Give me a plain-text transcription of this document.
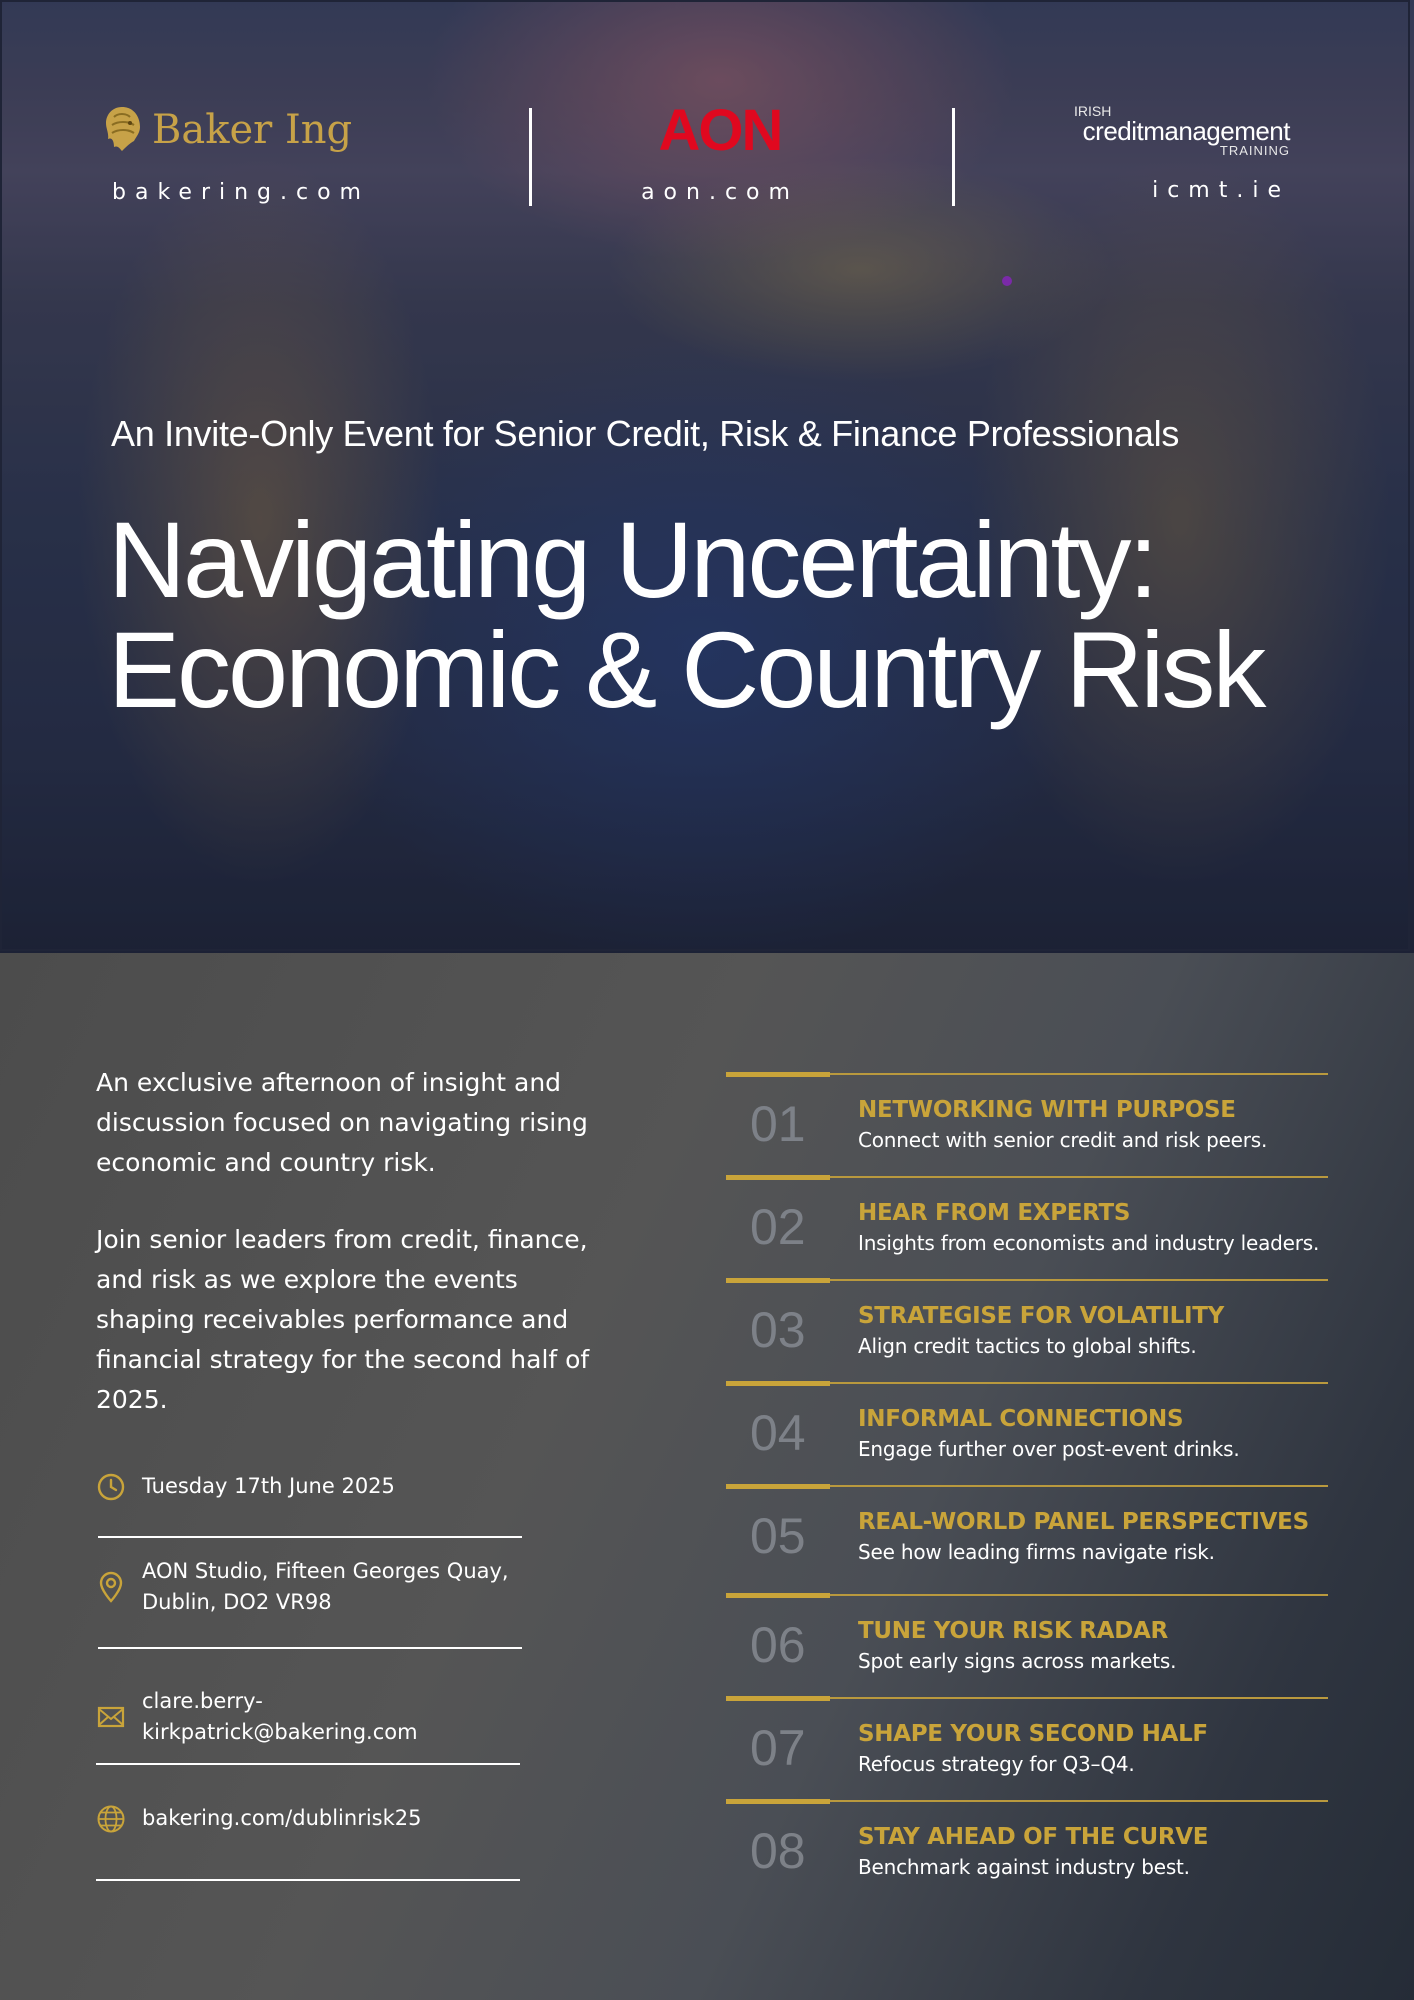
Baker Ing
bakering.com
AON
aon.com
IRISH
creditmanagement
TRAINING
icmt.ie
An Invite-Only Event for Senior Credit, Risk & Finance Professionals
Navigating Uncertainty:
Economic & Country Risk

An exclusive afternoon of insight and discussion focused on navigating rising economic and country risk.

Join senior leaders from credit, finance, and risk as we explore the events shaping receivables performance and financial strategy for the second half of 2025.

Tuesday 17th June 2025
AON Studio, Fifteen Georges Quay,
Dublin, DO2 VR98
clare.berry-kirkpatrick@bakering.com
bakering.com/dublinrisk25
01 NETWORKING WITH PURPOSE
Connect with senior credit and risk peers.
02 HEAR FROM EXPERTS
Insights from economists and industry leaders.
03 STRATEGISE FOR VOLATILITY
Align credit tactics to global shifts.
04 INFORMAL CONNECTIONS
Engage further over post-event drinks.
05 REAL-WORLD PANEL PERSPECTIVES
See how leading firms navigate risk.
06 TUNE YOUR RISK RADAR
Spot early signs across markets.
07 SHAPE YOUR SECOND HALF
Refocus strategy for Q3–Q4.
08 STAY AHEAD OF THE CURVE
Benchmark against industry best.
